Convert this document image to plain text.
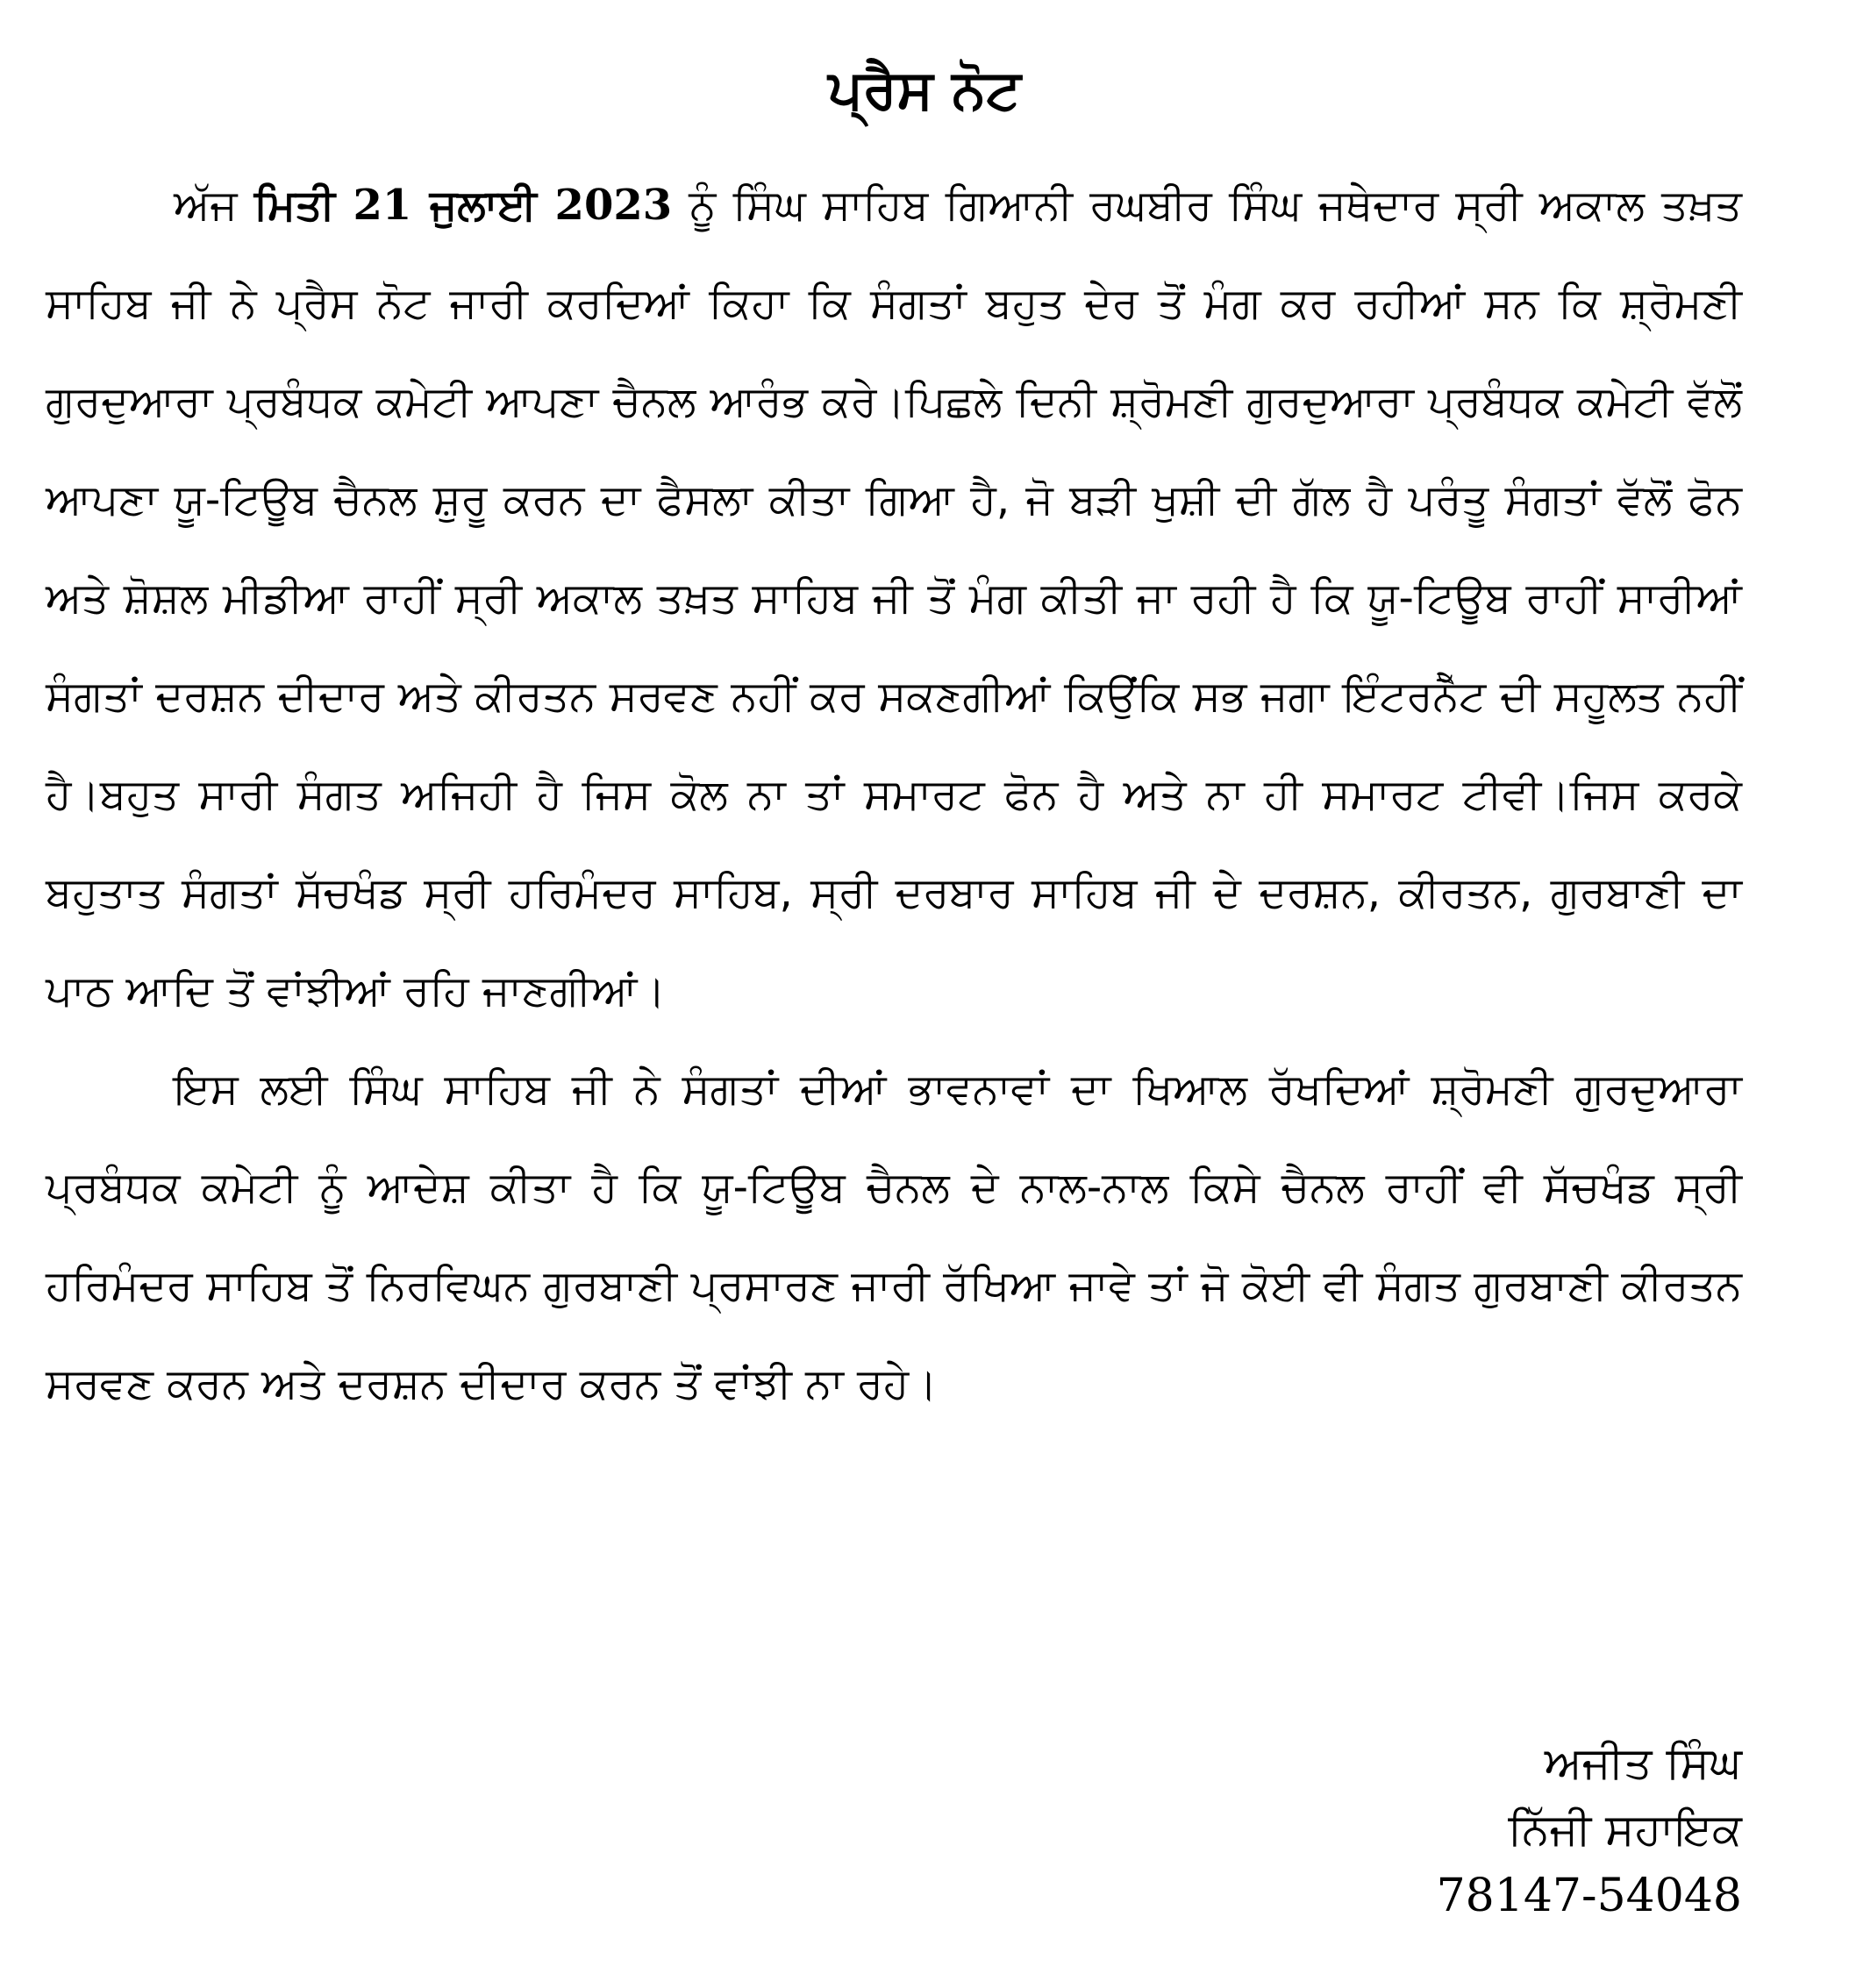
ਪ੍ਰੈਸ ਨੋਟ

ਅੱਜ ਮਿਤੀ 21 ਜੁਲਾਈ 2023 ਨੂੰ ਸਿੰਘ ਸਾਹਿਬ ਗਿਆਨੀ ਰਘਬੀਰ ਸਿੰਘ ਜਥੇਦਾਰ ਸ੍ਰੀ ਅਕਾਲ ਤਖ਼ਤ ਸਾਹਿਬ ਜੀ ਨੇ ਪ੍ਰੈਸ ਨੋਟ ਜਾਰੀ ਕਰਦਿਆਂ ਕਿਹਾ ਕਿ ਸੰਗਤਾਂ ਬਹੁਤ ਦੇਰ ਤੋਂ ਮੰਗ ਕਰ ਰਹੀਆਂ ਸਨ ਕਿ ਸ਼੍ਰੋਮਣੀ ਗੁਰਦੁਆਰਾ ਪ੍ਰਬੰਧਕ ਕਮੇਟੀ ਆਪਣਾ ਚੈਨਲ ਆਰੰਭ ਕਰੇ।ਪਿਛਲੇ ਦਿਨੀ ਸ਼੍ਰੋਮਣੀ ਗੁਰਦੁਆਰਾ ਪ੍ਰਬੰਧਕ ਕਮੇਟੀ ਵੱਲੋਂ ਆਪਣਾ ਯੂ-ਟਿਊਬ ਚੈਨਲ ਸ਼ੁਰੂ ਕਰਨ ਦਾ ਫੈਸਲਾ ਕੀਤਾ ਗਿਆ ਹੈ, ਜੋ ਬੜੀ ਖੁਸ਼ੀ ਦੀ ਗੱਲ ਹੈ ਪਰੰਤੂ ਸੰਗਤਾਂ ਵੱਲੋਂ ਫੋਨ ਅਤੇ ਸ਼ੋਸ਼ਲ ਮੀਡੀਆ ਰਾਹੀਂ ਸ੍ਰੀ ਅਕਾਲ ਤਖ਼ਤ ਸਾਹਿਬ ਜੀ ਤੋਂ ਮੰਗ ਕੀਤੀ ਜਾ ਰਹੀ ਹੈ ਕਿ ਯੂ-ਟਿਊਬ ਰਾਹੀਂ ਸਾਰੀਆਂ ਸੰਗਤਾਂ ਦਰਸ਼ਨ ਦੀਦਾਰ ਅਤੇ ਕੀਰਤਨ ਸਰਵਣ ਨਹੀਂ ਕਰ ਸਕਣਗੀਆਂ ਕਿਉਂਕਿ ਸਭ ਜਗਾ ਇੰਟਰਨੈੱਟ ਦੀ ਸਹੂਲਤ ਨਹੀਂ ਹੈ।ਬਹੁਤ ਸਾਰੀ ਸੰਗਤ ਅਜਿਹੀ ਹੈ ਜਿਸ ਕੋਲ ਨਾ ਤਾਂ ਸਮਾਰਟ ਫੋਨ ਹੈ ਅਤੇ ਨਾ ਹੀ ਸਮਾਰਟ ਟੀਵੀ।ਜਿਸ ਕਰਕੇ ਬਹੁਤਾਤ ਸੰਗਤਾਂ ਸੱਚਖੰਡ ਸ੍ਰੀ ਹਰਿਮੰਦਰ ਸਾਹਿਬ, ਸ੍ਰੀ ਦਰਬਾਰ ਸਾਹਿਬ ਜੀ ਦੇ ਦਰਸ਼ਨ, ਕੀਰਤਨ, ਗੁਰਬਾਣੀ ਦਾ ਪਾਠ ਆਦਿ ਤੋਂ ਵਾਂਝੀਆਂ ਰਹਿ ਜਾਣਗੀਆਂ।

ਇਸ ਲਈ ਸਿੰਘ ਸਾਹਿਬ ਜੀ ਨੇ ਸੰਗਤਾਂ ਦੀਆਂ ਭਾਵਨਾਵਾਂ ਦਾ ਖਿਆਲ ਰੱਖਦਿਆਂ ਸ਼੍ਰੋਮਣੀ ਗੁਰਦੁਆਰਾ ਪ੍ਰਬੰਧਕ ਕਮੇਟੀ ਨੂੰ ਆਦੇਸ਼ ਕੀਤਾ ਹੈ ਕਿ ਯੂ-ਟਿਊਬ ਚੈਨਲ ਦੇ ਨਾਲ-ਨਾਲ ਕਿਸੇ ਚੈਨਲ ਰਾਹੀਂ ਵੀ ਸੱਚਖੰਡ ਸ੍ਰੀ ਹਰਿਮੰਦਰ ਸਾਹਿਬ ਤੋਂ ਨਿਰਵਿਘਨ ਗੁਰਬਾਣੀ ਪ੍ਰਸਾਰਣ ਜਾਰੀ ਰੱਖਿਆ ਜਾਵੇ ਤਾਂ ਜੋ ਕੋਈ ਵੀ ਸੰਗਤ ਗੁਰਬਾਣੀ ਕੀਰਤਨ ਸਰਵਣ ਕਰਨ ਅਤੇ ਦਰਸ਼ਨ ਦੀਦਾਰ ਕਰਨ ਤੋਂ ਵਾਂਝੀ ਨਾ ਰਹੇ।

ਅਜੀਤ ਸਿੰਘ
ਨਿੱਜੀ ਸਹਾਇਕ
78147-54048
